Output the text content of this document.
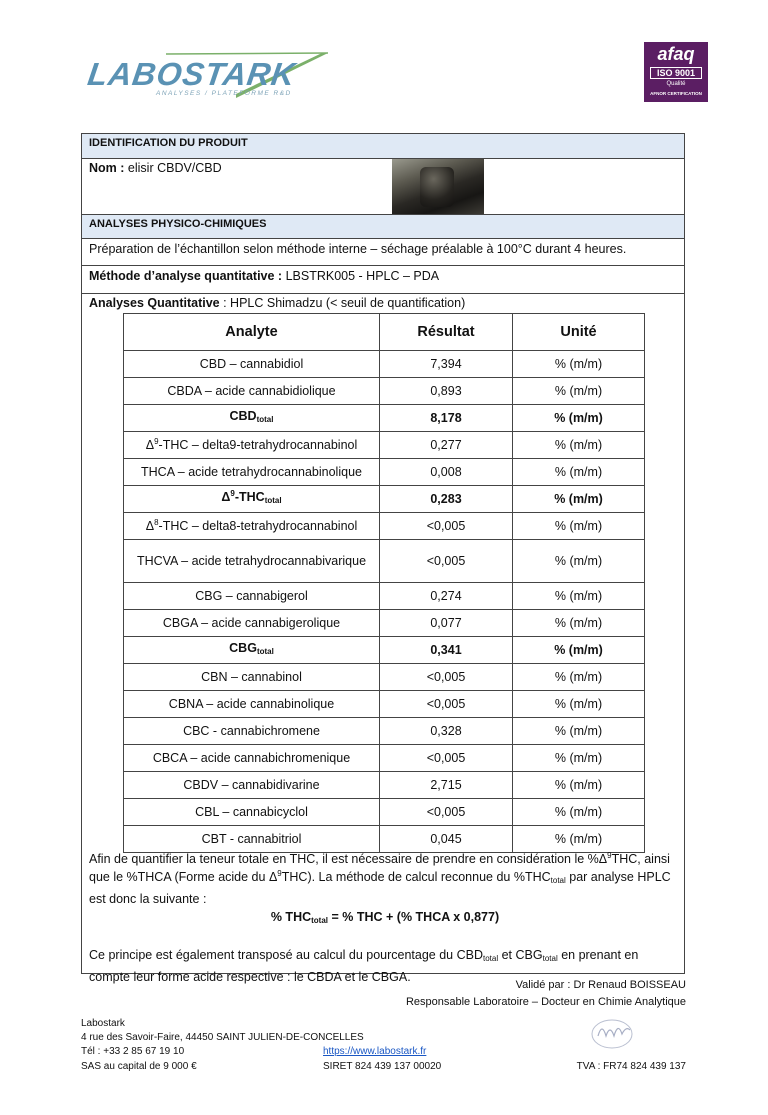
LABOSTARK
ANALYSES / PLATEFORME R&D
afaq
ISO 9001
Qualité
AFNOR CERTIFICATION
IDENTIFICATION DU PRODUIT
Nom : elisir CBDV/CBD
ANALYSES PHYSICO-CHIMIQUES
Préparation de l’échantillon selon méthode interne – séchage préalable à 100°C durant 4 heures.
Méthode d’analyse quantitative : LBSTRK005 - HPLC – PDA
Analyses Quantitative : HPLC Shimadzu (< seuil de quantification)
Analyte	Résultat	Unité
CBD – cannabidiol	7,394	% (m/m)
CBDA – acide cannabidiolique	0,893	% (m/m)
$CBD_{total}$	8,178	% (m/m)
$\Delta^9$-THC – delta9-tetrahydrocannabinol	0,277	% (m/m)
THCA – acide tetrahydrocannabinolique	0,008	% (m/m)
$\Delta^9-THC_{total}$	0,283	% (m/m)
$\Delta^8$-THC – delta8-tetrahydrocannabinol	<0,005	% (m/m)
THCVA – acide tetrahydrocannabivarique	<0,005	% (m/m)
CBG – cannabigerol	0,274	% (m/m)
CBGA – acide cannabigerolique	0,077	% (m/m)
$CBG_{total}$	0,341	% (m/m)
CBN – cannabinol	<0,005	% (m/m)
CBNA – acide cannabinolique	<0,005	% (m/m)
CBC - cannabichromene	0,328	% (m/m)
CBCA – acide cannabichromenique	<0,005	% (m/m)
CBDV – cannabidivarine	2,715	% (m/m)
CBL – cannabicyclol	<0,005	% (m/m)
CBT - cannabitriol	0,045	% (m/m)

Afin de quantifier la teneur totale en THC, il est nécessaire de prendre en considération le $\%\Delta^9THC$, ainsi que le %THCA (Forme acide du $\Delta^9THC$). La méthode de calcul reconnue du $\%THC_{total}$ par analyse HPLC est donc la suivante :

% $THC_{total}$ = % THC + (% THCA x 0,877)

Ce principe est également transposé au calcul du pourcentage du $CBD_{total}$ et $CBG_{total}$ en prenant en compte leur forme acide respective : le CBDA et le CBGA.

Validé par : Dr Renaud BOISSEAU
Responsable Laboratoire – Docteur en Chimie Analytique
Labostark
4 rue des Savoir-Faire, 44450 SAINT JULIEN-DE-CONCELLES
Tél : +33 2 85 67 19 10	https://www.labostark.fr
SAS au capital de 9 000 €	SIRET 824 439 137 00020	TVA : FR74 824 439 137
